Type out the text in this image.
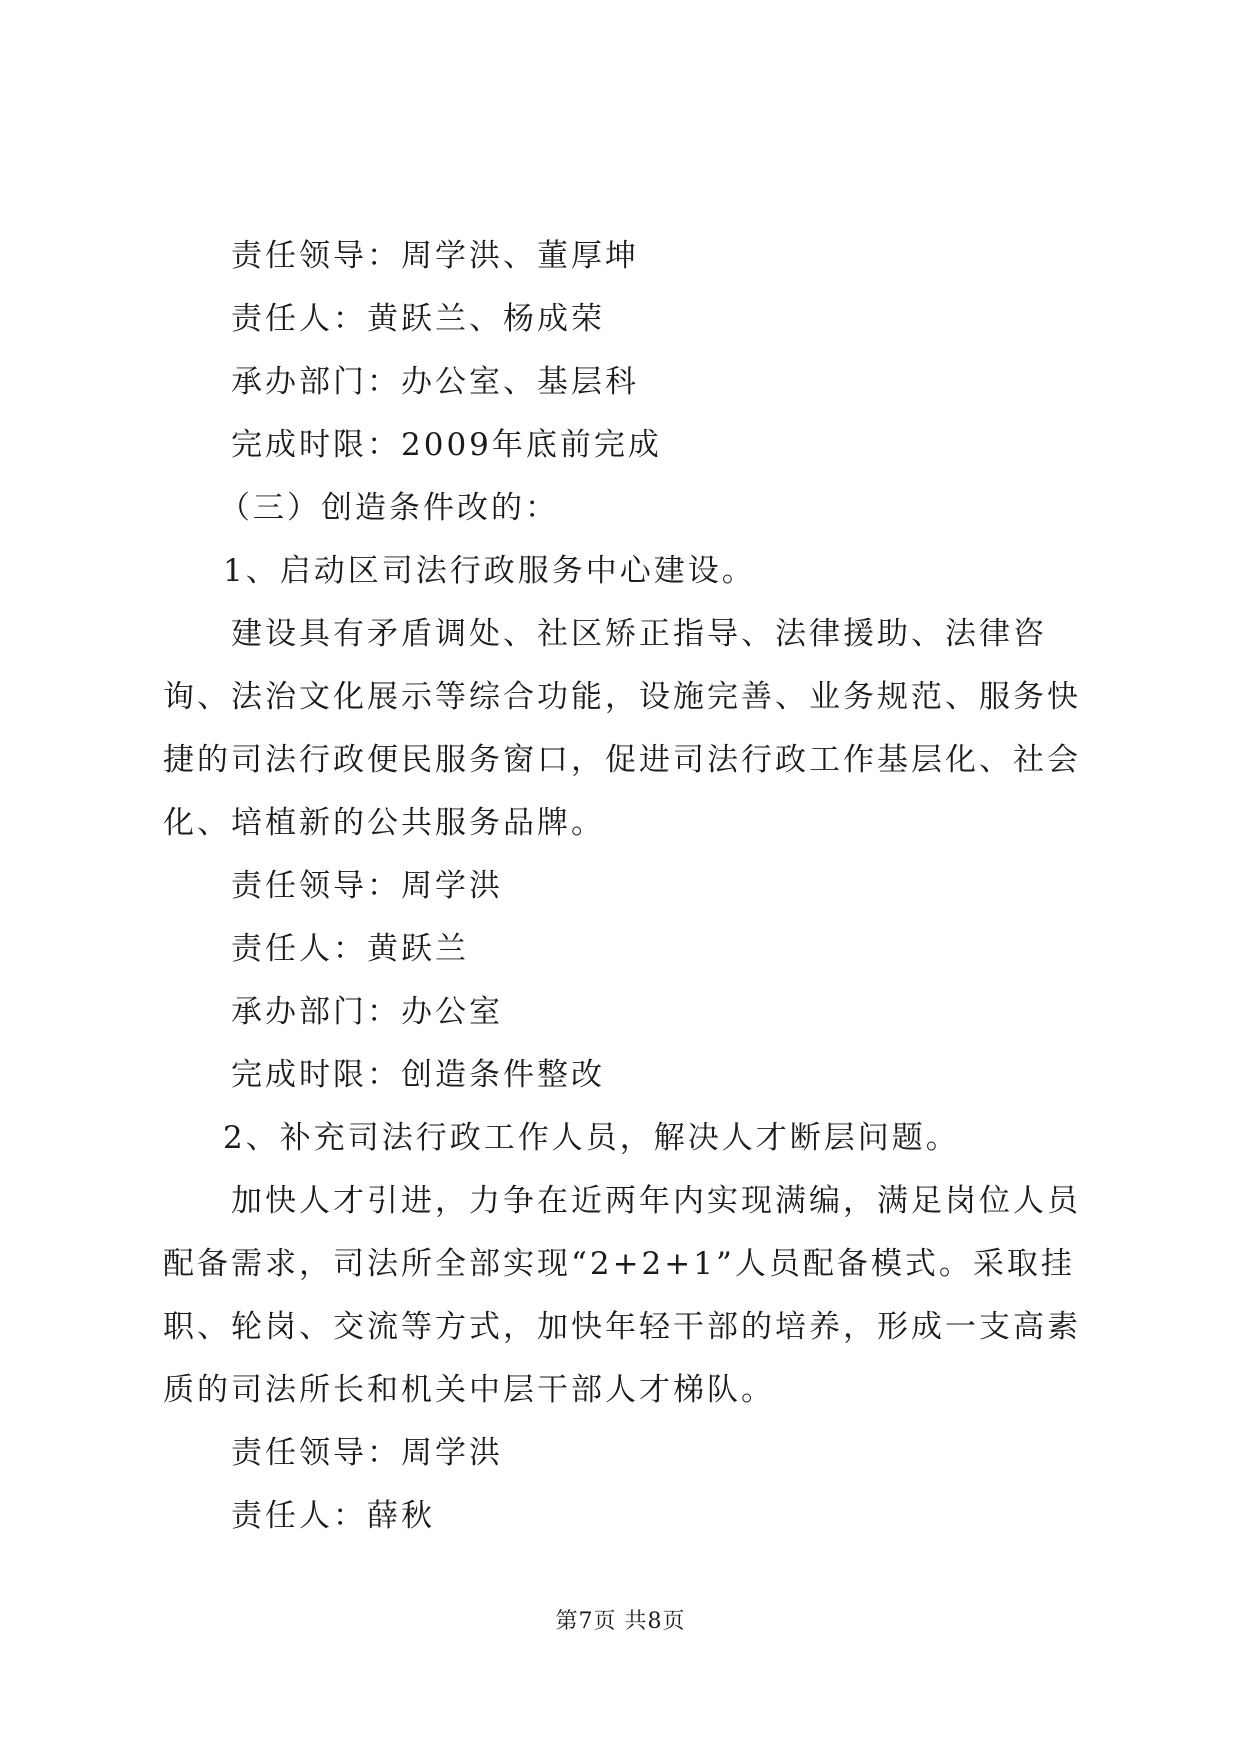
责任领导：周学洪、董厚坤

责任人：黄跃兰、杨成荣

承办部门：办公室、基层科

完成时限：2009年底前完成

（三）创造条件改的：

1、启动区司法行政服务中心建设。

建设具有矛盾调处、社区矫正指导、法律援助、法律咨询、法治文化展示等综合功能，设施完善、业务规范、服务快捷的司法行政便民服务窗口，促进司法行政工作基层化、社会化、培植新的公共服务品牌。

责任领导：周学洪

责任人：黄跃兰

承办部门：办公室

完成时限：创造条件整改

2、补充司法行政工作人员，解决人才断层问题。

加快人才引进，力争在近两年内实现满编，满足岗位人员配备需求，司法所全部实现“2+2+1”人员配备模式。采取挂职、轮岗、交流等方式，加快年轻干部的培养，形成一支高素质的司法所长和机关中层干部人才梯队。

责任领导：周学洪

责任人：薛秋

第7页 共8页
